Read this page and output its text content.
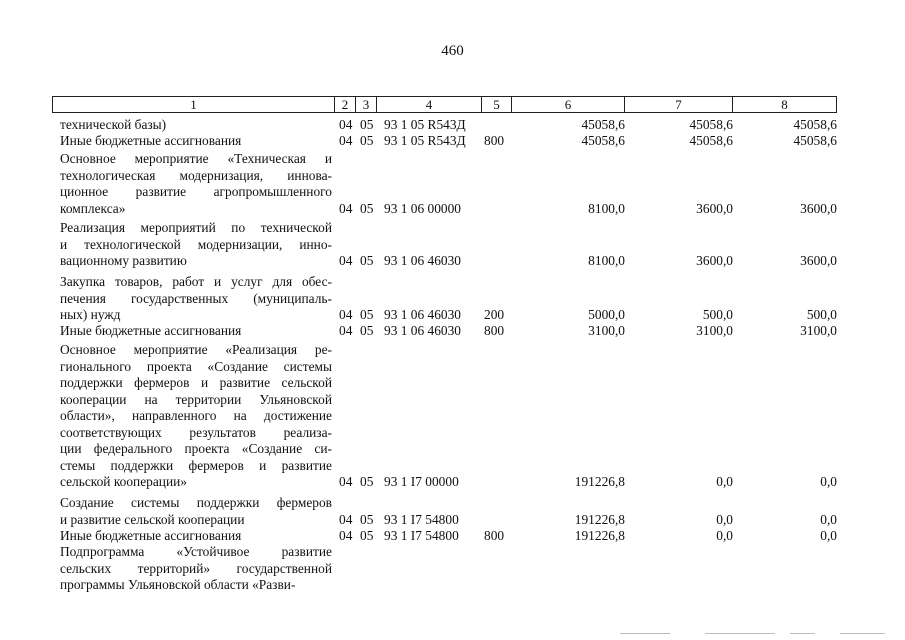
460
1	2	3	4	5	6	7	8
технической базы)	04 05 93 1 05 R543Д	45058,6	45058,6	45058,6
Иные бюджетные ассигнования	04 05 93 1 05 R543Д 800	45058,6	45058,6	45058,6
Основное мероприятие «Техническая и
технологическая модернизация, иннова-
ционное развитие агропромышленного
комплекса»	04 05 93 1 06 00000	8100,0	3600,0	3600,0
Реализация мероприятий по технической
и технологической модернизации, инно-
вационному развитию	04 05 93 1 06 46030	8100,0	3600,0	3600,0
Закупка товаров, работ и услуг для обес-
печения государственных (муниципаль-
ных) нужд	04 05 93 1 06 46030 200	5000,0	500,0	500,0
Иные бюджетные ассигнования	04 05 93 1 06 46030 800	3100,0	3100,0	3100,0
Основное мероприятие «Реализация ре-
гионального проекта «Создание системы
поддержки фермеров и развитие сельской
кооперации на территории Ульяновской
области», направленного на достижение
соответствующих результатов реализа-
ции федерального проекта «Создание си-
стемы поддержки фермеров и развитие
сельской кооперации»	04 05 93 1 I7 00000	191226,8	0,0	0,0
Создание системы поддержки фермеров
и развитие сельской кооперации	04 05 93 1 I7 54800	191226,8	0,0	0,0
Иные бюджетные ассигнования	04 05 93 1 I7 54800 800	191226,8	0,0	0,0
Подпрограмма «Устойчивое развитие
сельских территорий» государственной
программы Ульяновской области «Разви-
